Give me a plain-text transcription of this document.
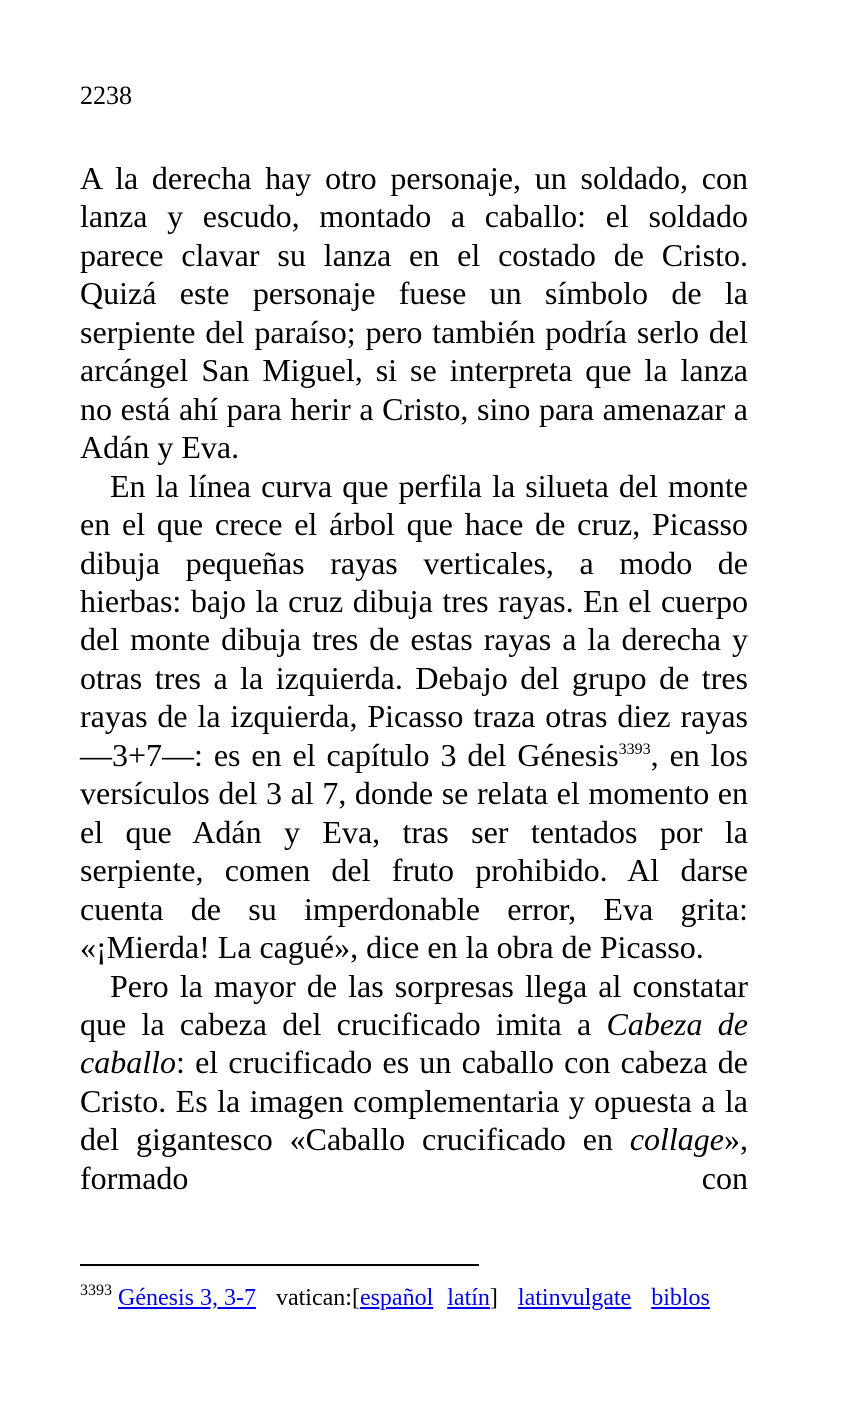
2238

A la derecha hay otro personaje, un soldado, con lanza y escudo, montado a caballo: el soldado parece clavar su lanza en el costado de Cristo. Quizá este personaje fuese un símbolo de la serpiente del paraíso; pero también podría serlo del arcángel San Miguel, si se interpreta que la lanza no está ahí para herir a Cristo, sino para amenazar a Adán y Eva.

En la línea curva que perfila la silueta del monte en el que crece el árbol que hace de cruz, Picasso dibuja pequeñas rayas verticales, a modo de hierbas: bajo la cruz dibuja tres rayas. En el cuerpo del monte dibuja tres de estas rayas a la derecha y otras tres a la izquierda. Debajo del grupo de tres rayas de la izquierda, Picasso traza otras diez rayas —3+7—: es en el capítulo 3 del Génesis$^{3393}$, en los versículos del 3 al 7, donde se relata el momento en el que Adán y Eva, tras ser tentados por la serpiente, comen del fruto prohibido. Al darse cuenta de su imperdonable error, Eva grita: «¡Mierda! La cagué», dice en la obra de Picasso.

Pero la mayor de las sorpresas llega al constatar que la cabeza del crucificado imita a Cabeza de caballo: el crucificado es un caballo con cabeza de Cristo. Es la imagen complementaria y opuesta a la del gigantesco «Caballo crucificado en collage», formado con

$^{3393}$ Génesis 3, 3-7 vatican:[español latín] latinvulgate biblos
